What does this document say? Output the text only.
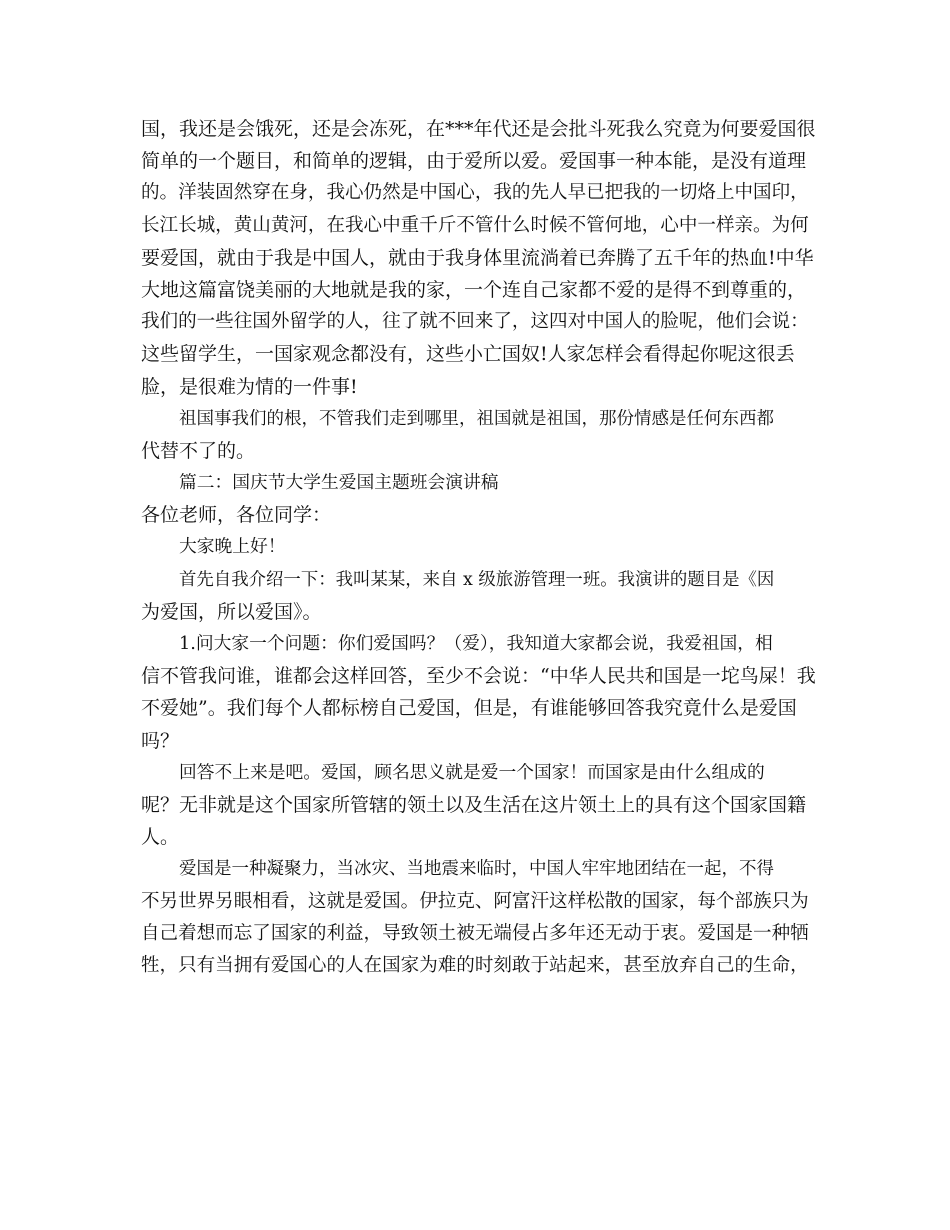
国，我还是会饿死，还是会冻死，在***年代还是会批斗死我么究竟为何要爱国很
简单的一个题目，和简单的逻辑，由于爱所以爱。爱国事一种本能，是没有道理
的。洋装固然穿在身，我心仍然是中国心，我的先人早已把我的一切烙上中国印，
长江长城，黄山黄河，在我心中重千斤不管什么时候不管何地，心中一样亲。为何
要爱国，就由于我是中国人，就由于我身体里流淌着已奔腾了五千年的热血!中华
大地这篇富饶美丽的大地就是我的家，一个连自己家都不爱的是得不到尊重的，
我们的一些往国外留学的人，往了就不回来了，这四对中国人的脸呢，他们会说：
这些留学生，一国家观念都没有，这些小亡国奴!人家怎样会看得起你呢这很丢
脸，是很难为情的一件事!
祖国事我们的根，不管我们走到哪里，祖国就是祖国，那份情感是任何东西都
代替不了的。
篇二：国庆节大学生爱国主题班会演讲稿
各位老师，各位同学：
大家晚上好！
首先自我介绍一下：我叫某某，来自 x 级旅游管理一班。我演讲的题目是《因
为爱国，所以爱国》。
1.问大家一个问题：你们爱国吗？（爱），我知道大家都会说，我爱祖国，相
信不管我问谁，谁都会这样回答，至少不会说：“中华人民共和国是一坨鸟屎！我
不爱她”。我们每个人都标榜自己爱国，但是，有谁能够回答我究竟什么是爱国
吗？
回答不上来是吧。爱国，顾名思义就是爱一个国家！而国家是由什么组成的
呢？无非就是这个国家所管辖的领土以及生活在这片领土上的具有这个国家国籍
人。
爱国是一种凝聚力，当冰灾、当地震来临时，中国人牢牢地团结在一起，不得
不另世界另眼相看，这就是爱国。伊拉克、阿富汗这样松散的国家，每个部族只为
自己着想而忘了国家的利益，导致领土被无端侵占多年还无动于衷。爱国是一种牺
牲，只有当拥有爱国心的人在国家为难的时刻敢于站起来，甚至放弃自己的生命，
